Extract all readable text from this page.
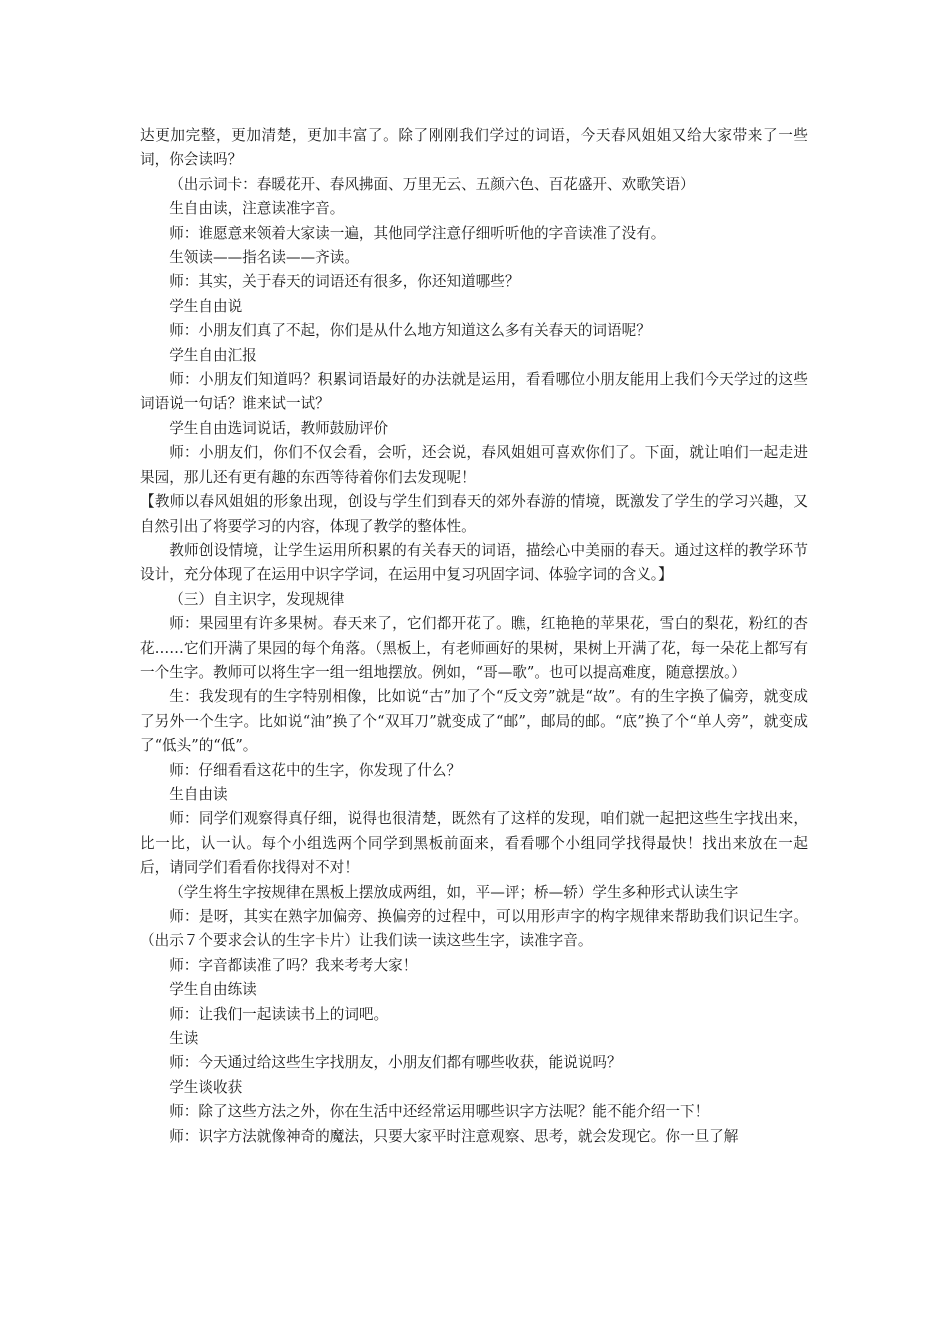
达更加完整，更加清楚，更加丰富了。除了刚刚我们学过的词语，今天春风姐姐又给大家带来了一些词，你会读吗？

（出示词卡：春暖花开、春风拂面、万里无云、五颜六色、百花盛开、欢歌笑语）

生自由读，注意读准字音。

师：谁愿意来领着大家读一遍，其他同学注意仔细听听他的字音读准了没有。

生领读——指名读——齐读。

师：其实，关于春天的词语还有很多，你还知道哪些？

学生自由说

师：小朋友们真了不起，你们是从什么地方知道这么多有关春天的词语呢？

学生自由汇报

师：小朋友们知道吗？积累词语最好的办法就是运用，看看哪位小朋友能用上我们今天学过的这些词语说一句话？谁来试一试？

学生自由选词说话，教师鼓励评价

师：小朋友们，你们不仅会看，会听，还会说，春风姐姐可喜欢你们了。下面，就让咱们一起走进果园，那儿还有更有趣的东西等待着你们去发现呢！

【教师以春风姐姐的形象出现，创设与学生们到春天的郊外春游的情境，既激发了学生的学习兴趣，又自然引出了将要学习的内容，体现了教学的整体性。

教师创设情境，让学生运用所积累的有关春天的词语，描绘心中美丽的春天。通过这样的教学环节设计，充分体现了在运用中识字学词，在运用中复习巩固字词、体验字词的含义。】

（三）自主识字，发现规律

师：果园里有许多果树。春天来了，它们都开花了。瞧，红艳艳的苹果花，雪白的梨花，粉红的杏花……它们开满了果园的每个角落。（黑板上，有老师画好的果树，果树上开满了花，每一朵花上都写有一个生字。教师可以将生字一组一组地摆放。例如，“哥—歌”。也可以提高难度，随意摆放。）

生：我发现有的生字特别相像，比如说“古”加了个“反文旁”就是“故”。有的生字换了偏旁，就变成了另外一个生字。比如说“油”换了个“双耳刀”就变成了“邮”，邮局的邮。“底”换了个“单人旁”，就变成了“低头”的“低”。

师：仔细看看这花中的生字，你发现了什么？

生自由读

师：同学们观察得真仔细，说得也很清楚，既然有了这样的发现，咱们就一起把这些生字找出来，比一比，认一认。每个小组选两个同学到黑板前面来，看看哪个小组同学找得最快！找出来放在一起后，请同学们看看你找得对不对！

（学生将生字按规律在黑板上摆放成两组，如，平—评；桥—轿）学生多种形式认读生字

师：是呀，其实在熟字加偏旁、换偏旁的过程中，可以用形声字的构字规律来帮助我们识记生字。（出示７个要求会认的生字卡片）让我们读一读这些生字，读准字音。

师：字音都读准了吗？我来考考大家！

学生自由练读

师：让我们一起读读书上的词吧。

生读

师：今天通过给这些生字找朋友，小朋友们都有哪些收获，能说说吗？

学生谈收获

师：除了这些方法之外，你在生活中还经常运用哪些识字方法呢？能不能介绍一下！

师：识字方法就像神奇的魔法，只要大家平时注意观察、思考，就会发现它。你一旦了解
